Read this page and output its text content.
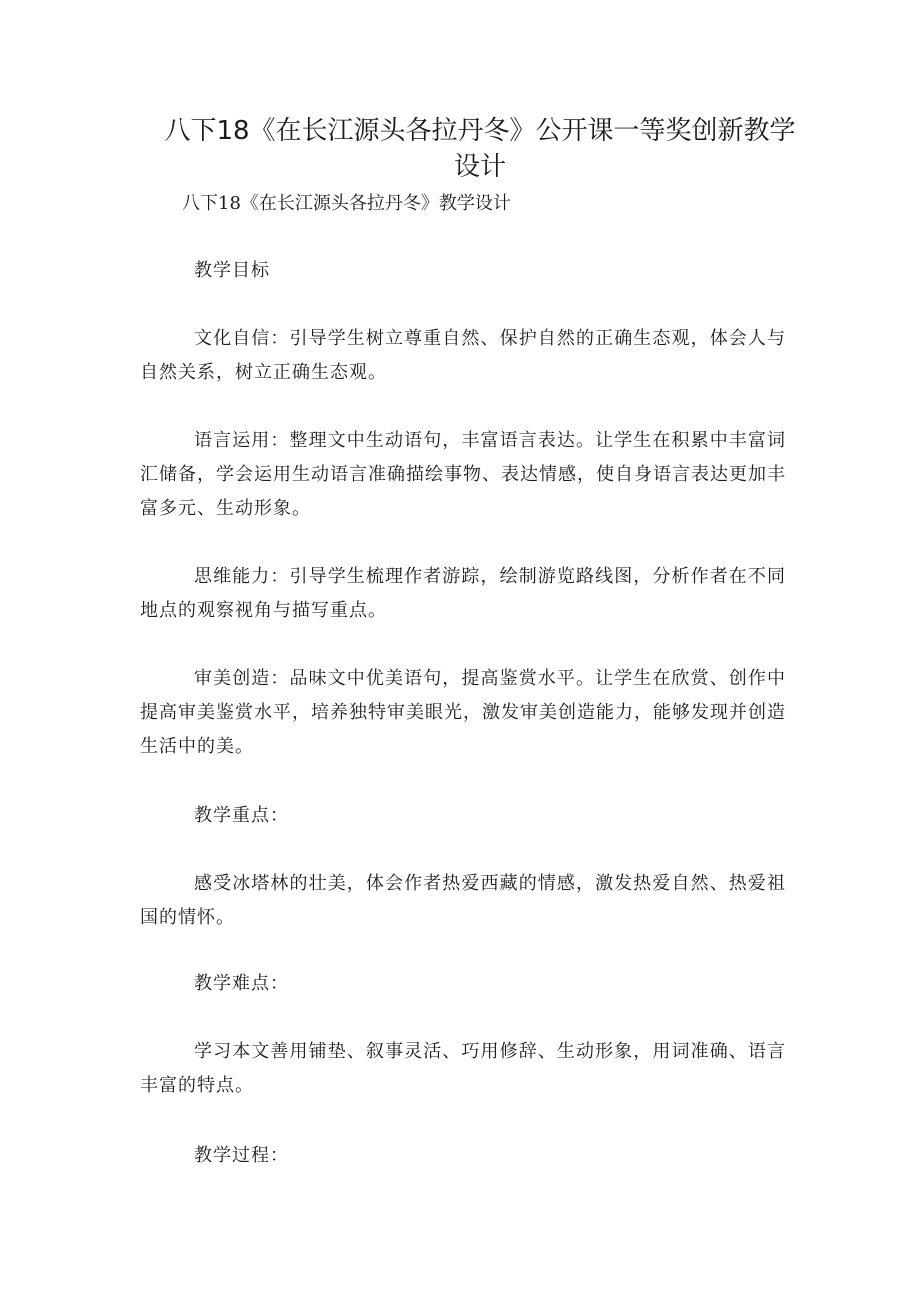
八下18《在长江源头各拉丹冬》公开课一等奖创新教学设计

八下18《在长江源头各拉丹冬》教学设计

教学目标

文化自信：引导学生树立尊重自然、保护自然的正确生态观，体会人与自然关系，树立正确生态观。

语言运用：整理文中生动语句，丰富语言表达。让学生在积累中丰富词汇储备，学会运用生动语言准确描绘事物、表达情感，使自身语言表达更加丰富多元、生动形象。

思维能力：引导学生梳理作者游踪，绘制游览路线图，分析作者在不同地点的观察视角与描写重点。

审美创造：品味文中优美语句，提高鉴赏水平。让学生在欣赏、创作中提高审美鉴赏水平，培养独特审美眼光，激发审美创造能力，能够发现并创造生活中的美。

教学重点：

感受冰塔林的壮美，体会作者热爱西藏的情感，激发热爱自然、热爱祖国的情怀。

教学难点：

学习本文善用铺垫、叙事灵活、巧用修辞、生动形象，用词准确、语言丰富的特点。

教学过程：
